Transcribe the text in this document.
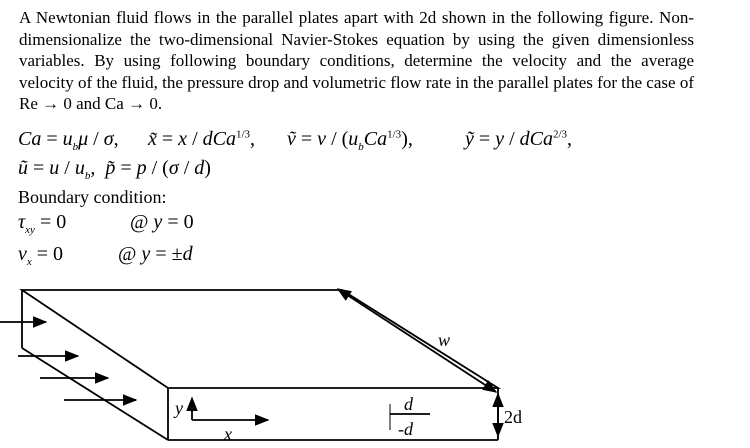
A Newtonian fluid flows in the parallel plates apart with 2d shown in the following figure. Non-dimensionalize the two-dimensional Navier-Stokes equation by using the given dimensionless variables. By using following boundary conditions, determine the velocity and the average velocity of the fluid, the pressure drop and volumetric flow rate in the parallel plates for the case of Re → 0 and Ca → 0.
$Ca = u_b\mu / \sigma$, x̃ = x / dCa$^{1/3}$, ṽ = v / $(u_bCa^{1/3})$,	ỹ = y / dCa$^{2/3}$,
ũ = u / $u_b$,  p̃ = p / (σ / d)
Boundary condition:
$\tau_{xy} = 0$	@ y = 0
$v_x = 0$	@ y = ±d
w
2d
d
-d
y
x
